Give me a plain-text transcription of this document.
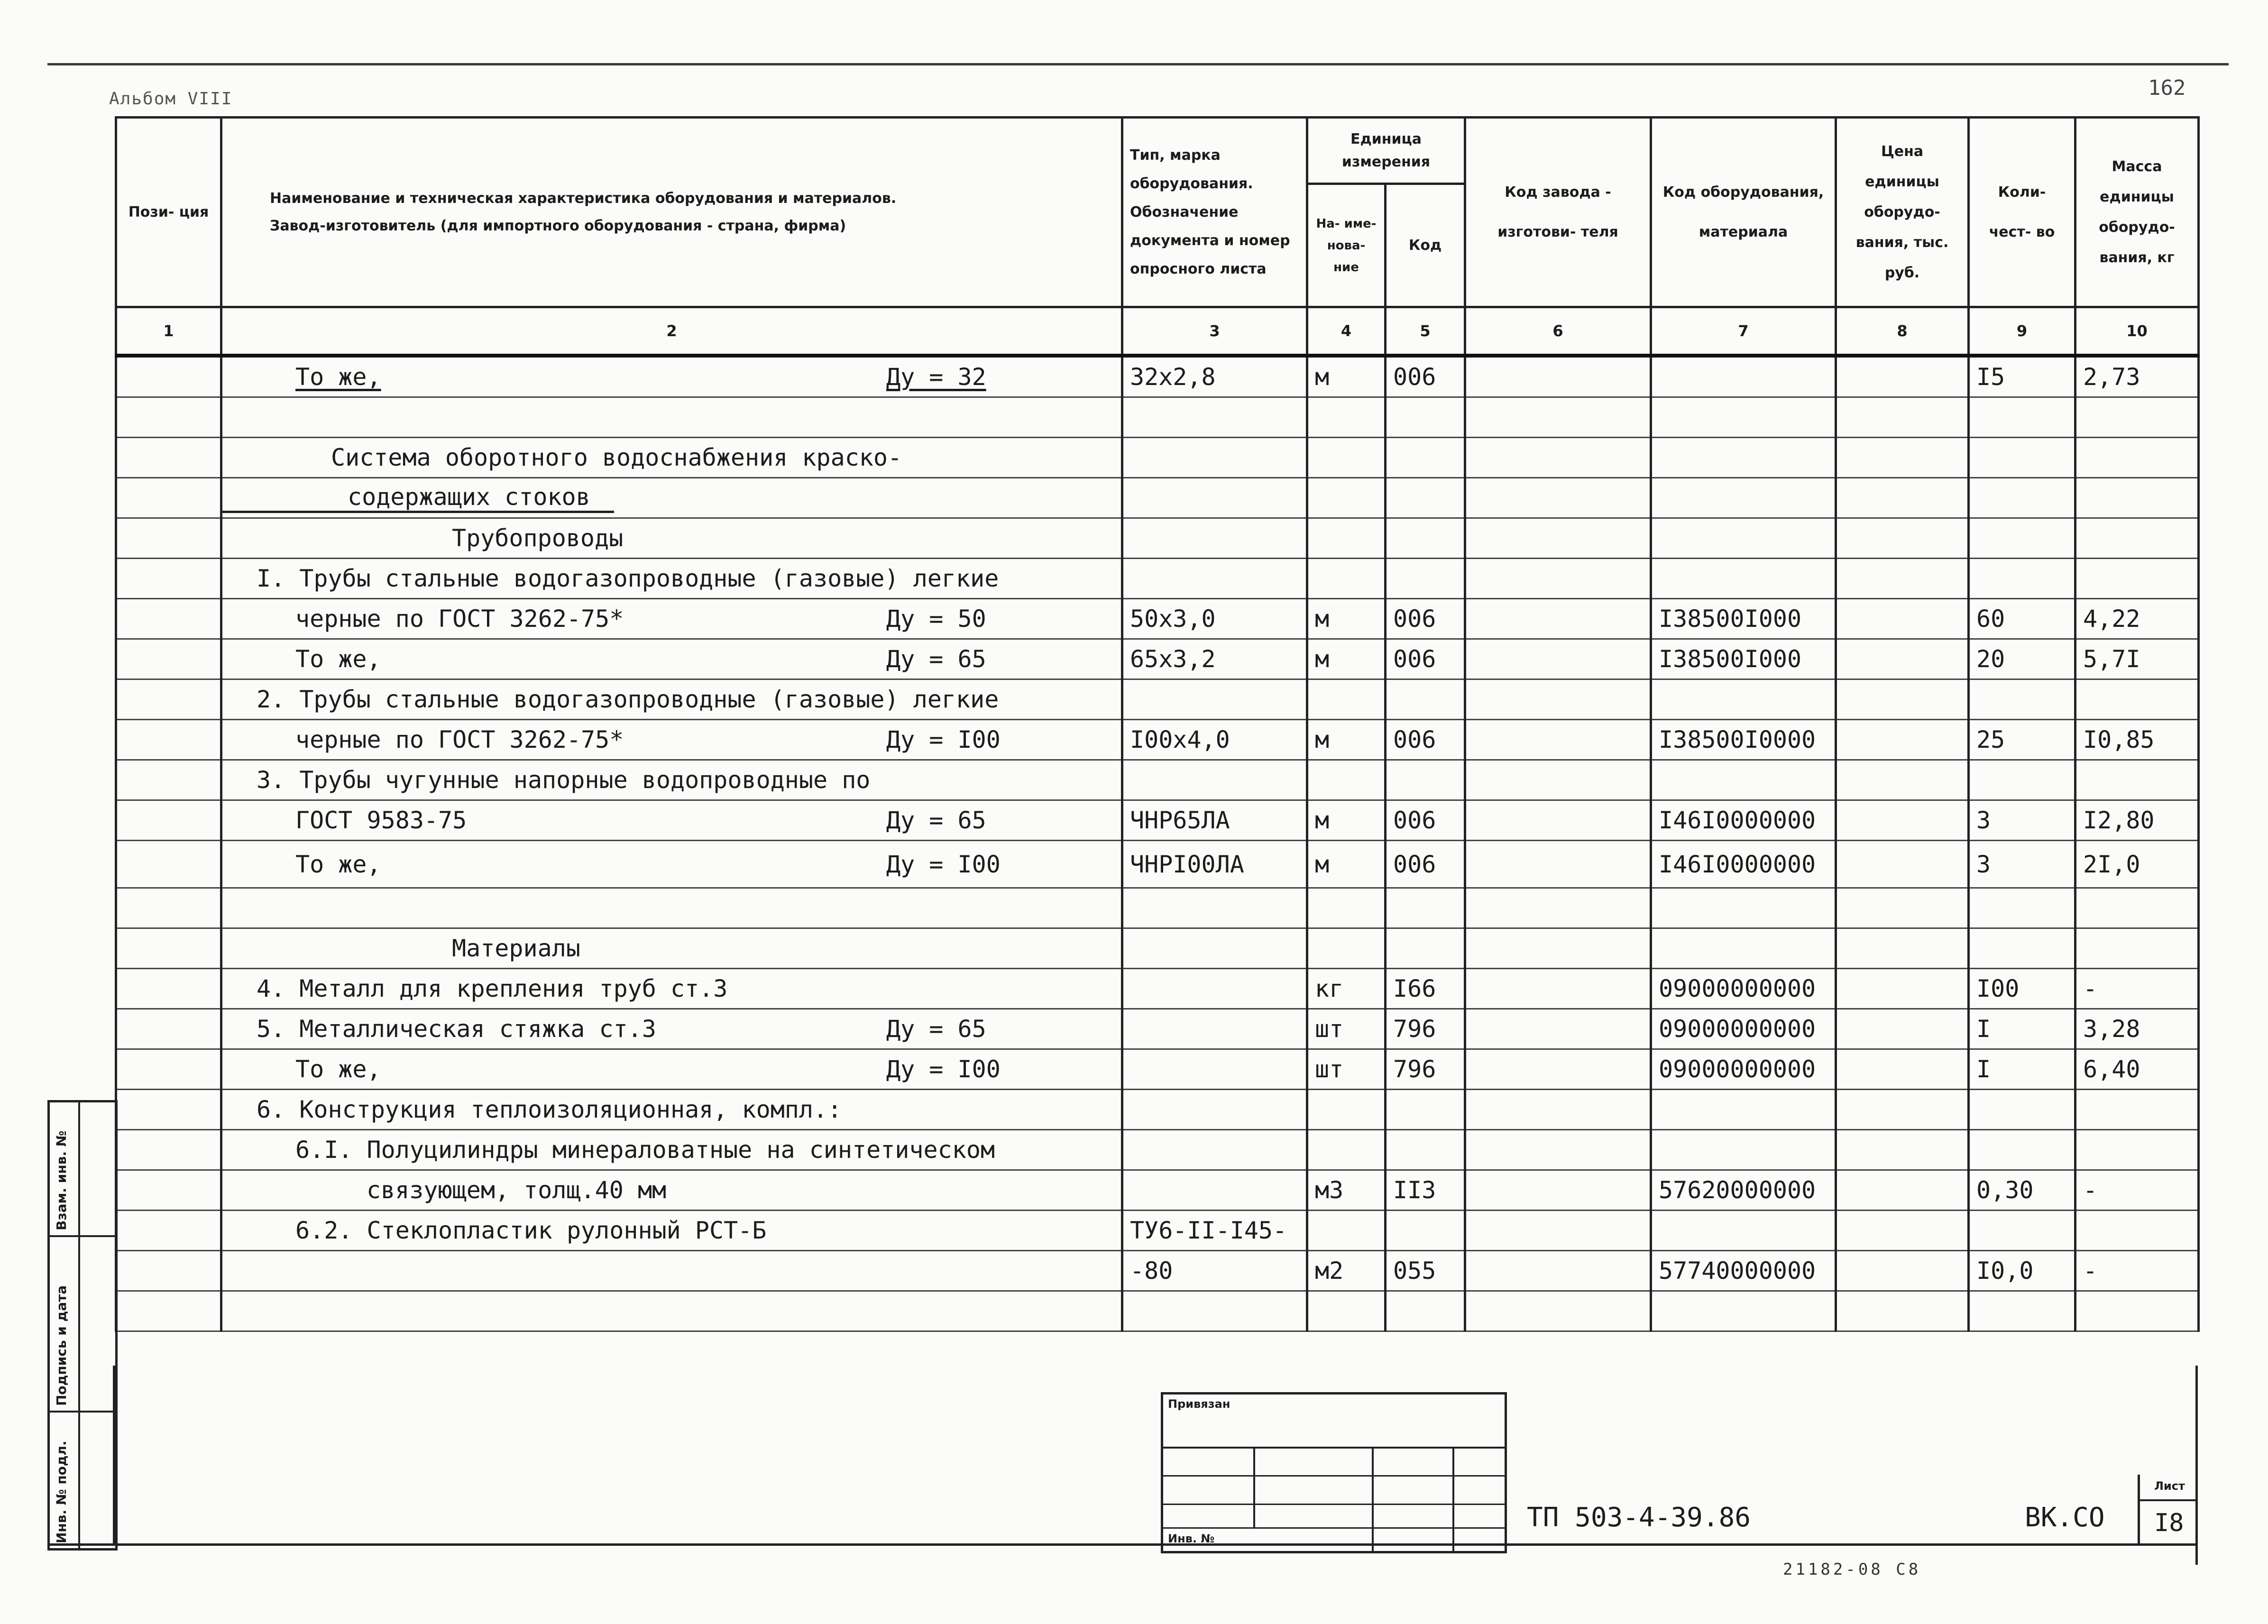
Альбом VIII	162
Пози- ция	Наименование и техническая характеристика оборудования и материалов.
Завод-изготовитель (для импортного оборудования - страна, фирма)	Тип, марка оборудования. Обозначение документа и номер опросного листа	Единица измерения		Код завода - изготови- теля	Код оборудования, материала	Цена единицы оборудо- вания, тыс. руб.	Коли- чест- во	Масса единицы оборудо- вания, кг
			На- име- нова- ние	Код					
1	2	3	4	5	6	7	8	9	10
	То же, Ду = 32	32х2,8	м	006				I5	2,73

	Система оборотного водоснабжения краско-								
	содержащих стоков								
	Трубопроводы								
	I. Трубы стальные водогазопроводные (газовые) легкие								
	черные по ГОСТ 3262-75* Ду = 50	50х3,0	м	006		I38500I000		60	4,22
	То же, Ду = 65	65х3,2	м	006		I38500I000		20	5,7I
	2. Трубы стальные водогазопроводные (газовые) легкие								
	черные по ГОСТ 3262-75* Ду = I00	I00х4,0	м	006		I38500I0000		25	I0,85
	3. Трубы чугунные напорные водопроводные по								
	ГОСТ 9583-75 Ду = 65	ЧНР65ЛА	м	006		I46I0000000		3	I2,80
	То же, Ду = I00	ЧНРI00ЛА	м	006		I46I0000000		3	2I,0

	Материалы								
	4. Металл для крепления труб ст.3		кг	I66		09000000000		I00	-
	5. Металлическая стяжка ст.3 Ду = 65		шт	796		09000000000		I	3,28
	То же, Ду = I00		шт	796		09000000000		I	6,40
	6. Конструкция теплоизоляционная, компл.:								
	6.I. Полуцилиндры минераловатные на синтетическом								
	связующем, толщ.40 мм		м3	II3		57620000000		0,30	-
	6.2. Стеклопластик рулонный РСТ-Б	ТУ6-II-I45-							
		-80	м2	055		57740000000		I0,0	-

Взам. инв. №
Подпись и дата
Инв. № подл.
Привязан
Инв. №
ТП 503-4-39.86	ВК.СО
Лист
I8
21182-08 С8
